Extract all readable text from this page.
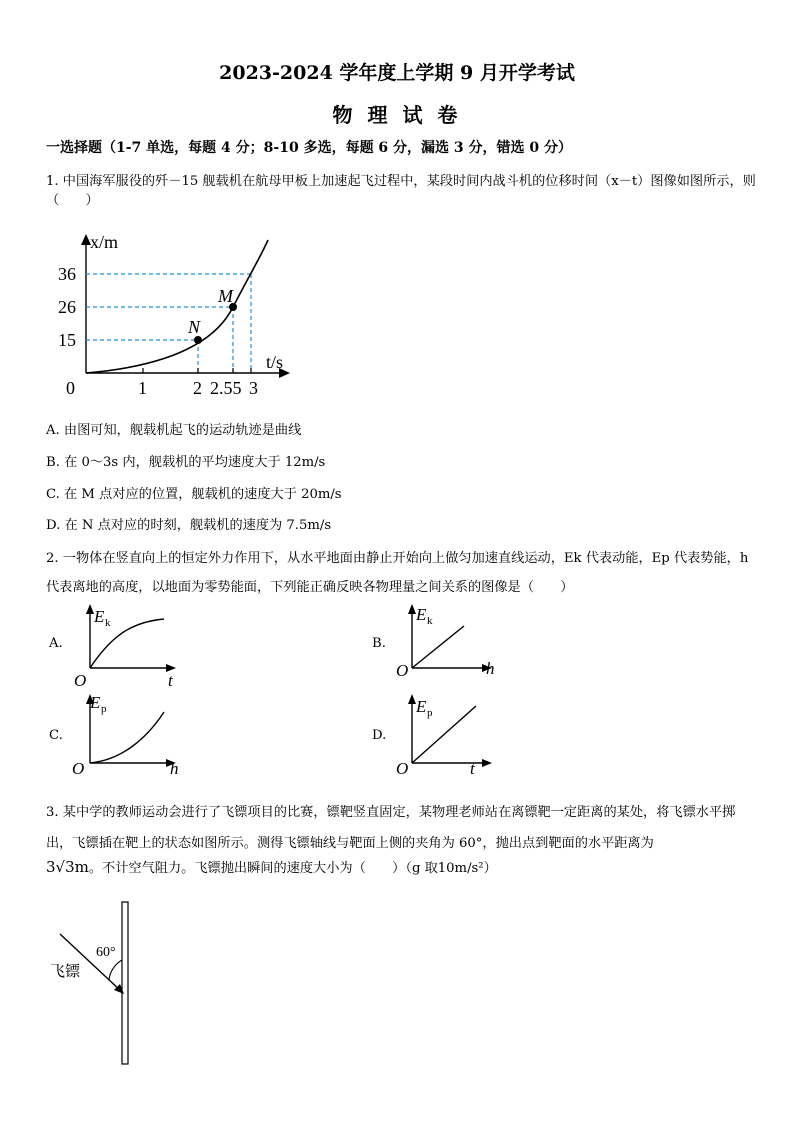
2023-2024 学年度上学期 9 月开学考试
物 理 试 卷
一选择题（1-7 单选，每题 4 分；8-10 多选，每题 6 分，漏选 3 分，错选 0 分）
1. 中国海军服役的歼－15 舰载机在航母甲板上加速起飞过程中，某段时间内战斗机的位移时间（x－t）图像如图所示，则（　　）
N
M
x/m
t/s
0	1	2 2.55 3
15
26
36
A. 由图可知，舰载机起飞的运动轨迹是曲线
B. 在 0～3s 内，舰载机的平均速度大于 12m/s
C. 在 M 点对应的位置，舰载机的速度大于 20m/s
D. 在 N 点对应的时刻，舰载机的速度为 7.5m/s
2. 一物体在竖直向上的恒定外力作用下，从水平地面由静止开始向上做匀加速直线运动，Ek 代表动能，Ep 代表势能，h 代表离地的高度，以地面为零势能面，下列能正确反映各物理量之间关系的图像是（　　）
A.
E k
t
O
B.
E k
h
O
C.
E p
h
O
D.
E p
t
O
3. 某中学的教师运动会进行了飞镖项目的比赛，镖靶竖直固定，某物理老师站在离镖靶一定距离的某处，将飞镖水平掷出，飞镖插在靶上的状态如图所示。测得飞镖轴线与靶面上侧的夹角为 60°，抛出点到靶面的水平距离为
3√3m。不计空气阻力。飞镖抛出瞬间的速度大小为（　　）（g 取10m/s²）
60°
飞镖
